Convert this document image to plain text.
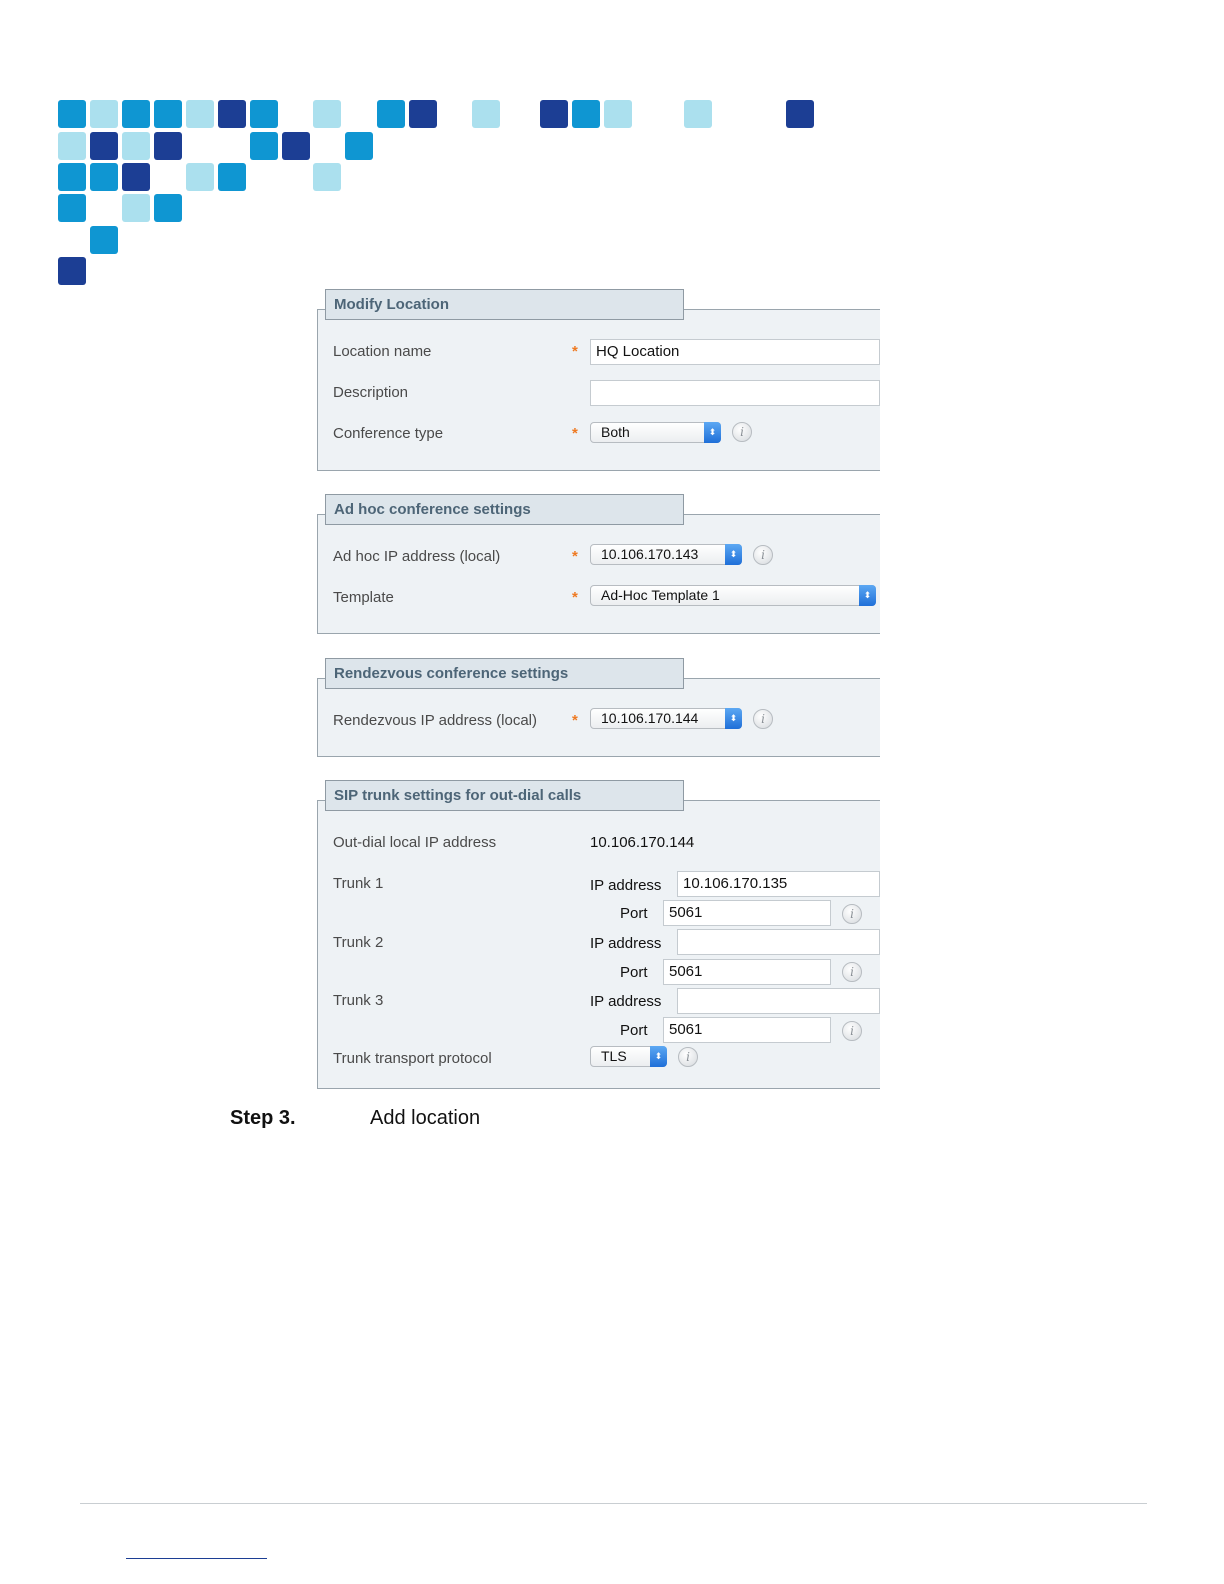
Modify Location
Location name	*	HQ Location
Description
Conference type	*	Both	⬍	i
Ad hoc conference settings
Ad hoc IP address (local)	*	10.106.170.143	⬍	i
Template	*	Ad-Hoc Template 1	⬍
Rendezvous conference settings
Rendezvous IP address (local) *	10.106.170.144	⬍	i
SIP trunk settings for out-dial calls
Out-dial local IP address	10.106.170.144
Trunk 1	IP address	10.106.170.135
Port	5061	i
Trunk 2	IP address
Port	5061	i
Trunk 3	IP address
Port	5061	i
Trunk transport protocol	TLS	⬍	i
Step 3.	Add location
